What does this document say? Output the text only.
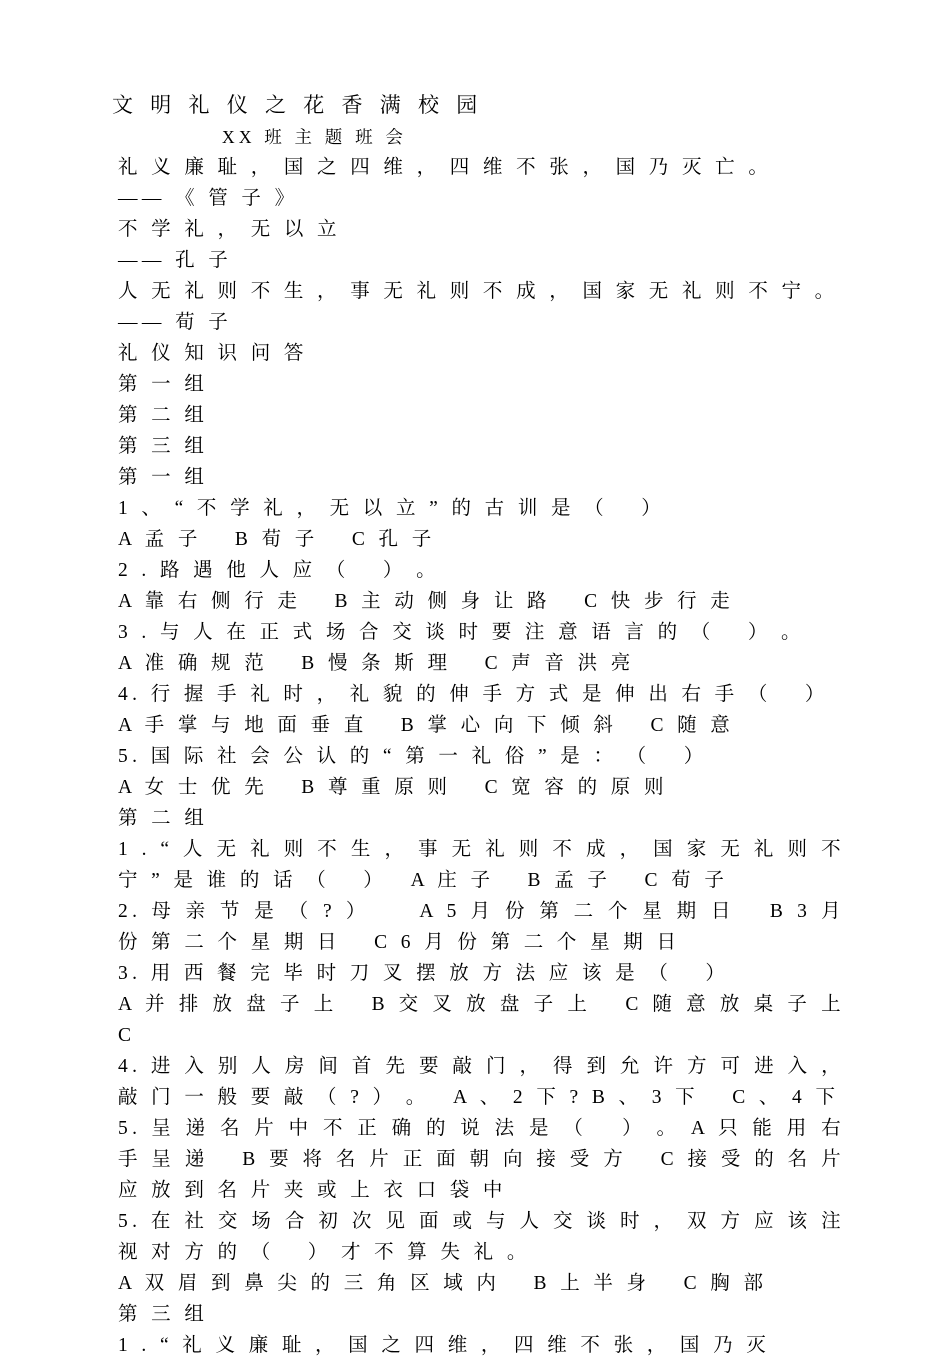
文 明 礼 仪 之 花 香 满 校 园
XX 班 主 题 班 会
礼 义 廉 耻 ， 国 之 四 维 ， 四 维 不 张 ， 国 乃 灭 亡 。
—— 《 管 子 》
不 学 礼 ， 无 以 立
—— 孔 子
人 无 礼 则 不 生 ， 事 无 礼 则 不 成 ， 国 家 无 礼 则 不 宁 。
—— 荀 子
礼 仪 知 识 问 答
第 一 组
第 二 组
第 三 组
第 一 组
1 、 “ 不 学 礼 ， 无 以 立 ” 的 古 训 是 （　 ）
A 孟 子　 B 荀 子　 C 孔 子
2 . 路 遇 他 人 应 （　 ） 。
A 靠 右 侧 行 走　 B 主 动 侧 身 让 路　 C 快 步 行 走
3 . 与 人 在 正 式 场 合 交 谈 时 要 注 意 语 言 的 （　 ） 。
A 准 确 规 范　 B 慢 条 斯 理　 C 声 音 洪 亮
4. 行 握 手 礼 时 ， 礼 貌 的 伸 手 方 式 是 伸 出 右 手 （　 ）
A 手 掌 与 地 面 垂 直　 B 掌 心 向 下 倾 斜　 C 随 意
5. 国 际 社 会 公 认 的 “ 第 一 礼 俗 ” 是 ： （　 ）
A 女 士 优 先　 B 尊 重 原 则　 C 宽 容 的 原 则
第 二 组
1 . “ 人 无 礼 则 不 生 ， 事 无 礼 则 不 成 ， 国 家 无 礼 则 不 宁 ” 是 谁 的 话 （　 ）　 A 庄 子　 B 孟 子　 C 荀 子
2. 母 亲 节 是 （ ? ）　　 A 5 月 份 第 二 个 星 期 日　 B 3 月 份 第 二 个 星 期 日　 C 6 月 份 第 二 个 星 期 日
3. 用 西 餐 完 毕 时 刀 叉 摆 放 方 法 应 该 是 （　 ）
A 并 排 放 盘 子 上　 B 交 叉 放 盘 子 上　 C 随 意 放 桌 子 上 C
4. 进 入 别 人 房 间 首 先 要 敲 门 ， 得 到 允 许 方 可 进 入 ， 敲 门 一 般 要 敲 （ ? ） 。　 A 、 2 下 ? B 、 3 下　 C 、 4 下
5. 呈 递 名 片 中 不 正 确 的 说 法 是 （　 ） 。 A 只 能 用 右 手 呈 递　 B 要 将 名 片 正 面 朝 向 接 受 方　 C 接 受 的 名 片 应 放 到 名 片 夹 或 上 衣 口 袋 中
5. 在 社 交 场 合 初 次 见 面 或 与 人 交 谈 时 ， 双 方 应 该 注 视 对 方 的 （　 ） 才 不 算 失 礼 。
A 双 眉 到 鼻 尖 的 三 角 区 域 内　 B 上 半 身　 C 胸 部
第 三 组
1 . “ 礼 义 廉 耻 ， 国 之 四 维 ， 四 维 不 张 ， 国 乃 灭
